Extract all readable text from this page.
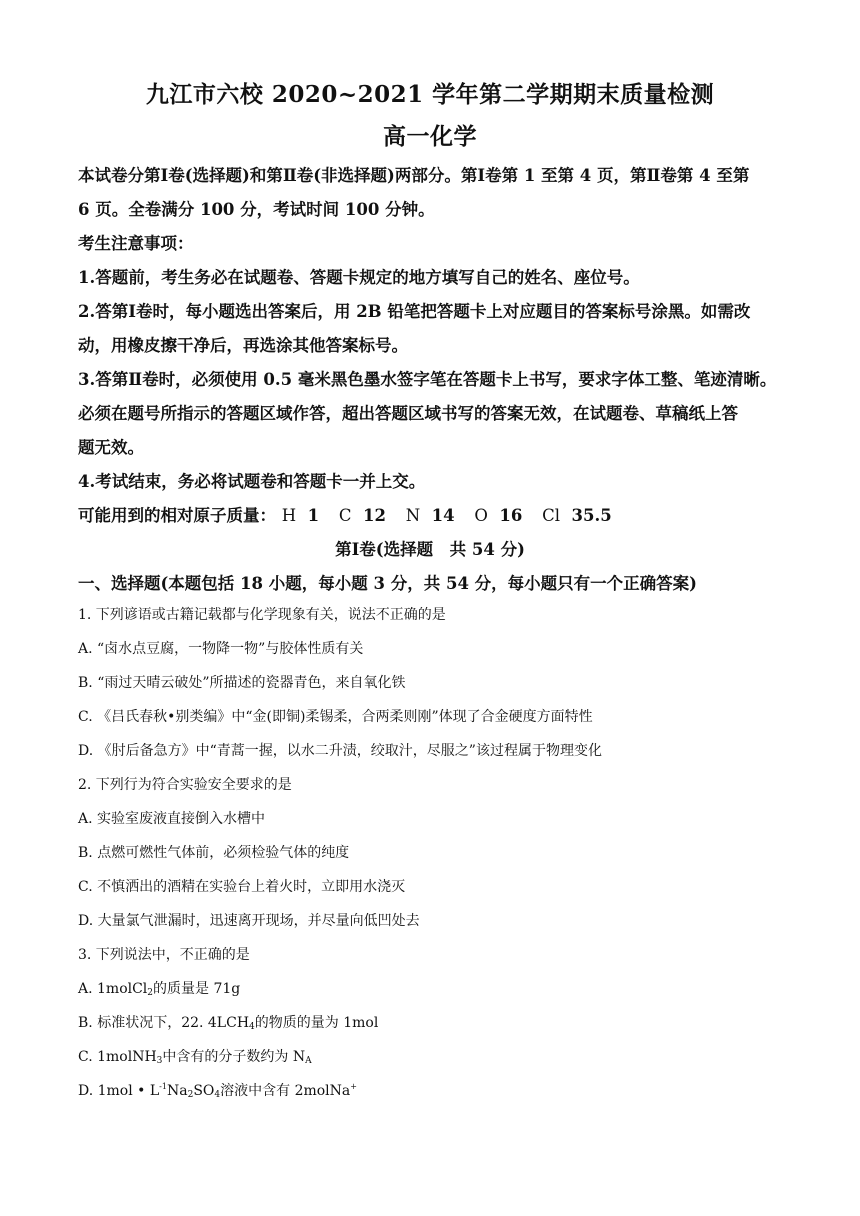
九江市六校 2020~2021 学年第二学期期末质量检测
高一化学
本试卷分第Ⅰ卷(选择题)和第Ⅱ卷(非选择题)两部分。第Ⅰ卷第 1 至第 4 页，第Ⅱ卷第 4 至第
6 页。全卷满分 100 分，考试时间 100 分钟。
考生注意事项：
1.答题前，考生务必在试题卷、答题卡规定的地方填写自己的姓名、座位号。
2.答第Ⅰ卷时，每小题选出答案后，用 2B 铅笔把答题卡上对应题目的答案标号涂黑。如需改
动，用橡皮擦干净后，再选涂其他答案标号。
3.答第Ⅱ卷时，必须使用 0.5 毫米黑色墨水签字笔在答题卡上书写，要求字体工整、笔迹清晰。
必须在题号所指示的答题区域作答，超出答题区域书写的答案无效，在试题卷、草稿纸上答
题无效。
4.考试结束，务必将试题卷和答题卡一并上交。
可能用到的相对原子质量： H 1 C 12 N 14 O 16 Cl 35.5
第Ⅰ卷(选择题　共 54 分)
一、选择题(本题包括 18 小题，每小题 3 分，共 54 分，每小题只有一个正确答案)
1. 下列谚语或古籍记载都与化学现象有关，说法不正确的是
A. “卤水点豆腐，一物降一物”与胶体性质有关
B. “雨过天晴云破处”所描述的瓷器青色，来自氧化铁
C. 《吕氏春秋•别类编》中“金(即铜)柔锡柔，合两柔则刚”体现了合金硬度方面特性
D. 《肘后备急方》中“青蒿一握，以水二升渍，绞取汁，尽服之”该过程属于物理变化
2. 下列行为符合实验安全要求的是
A. 实验室废液直接倒入水槽中
B. 点燃可燃性气体前，必须检验气体的纯度
C. 不慎洒出的酒精在实验台上着火时，立即用水浇灭
D. 大量氯气泄漏时，迅速离开现场，并尽量向低凹处去
3. 下列说法中，不正确的是
A. 1molCl$_2$的质量是 71g
B. 标准状况下，22. $4LCH_4$的物质的量为 1mol
C. 1molNH$_3$中含有的分子数约为 $N_A$
D. 1mol • $L^{-1}Na_2SO_4$溶液中含有 2molNa+
